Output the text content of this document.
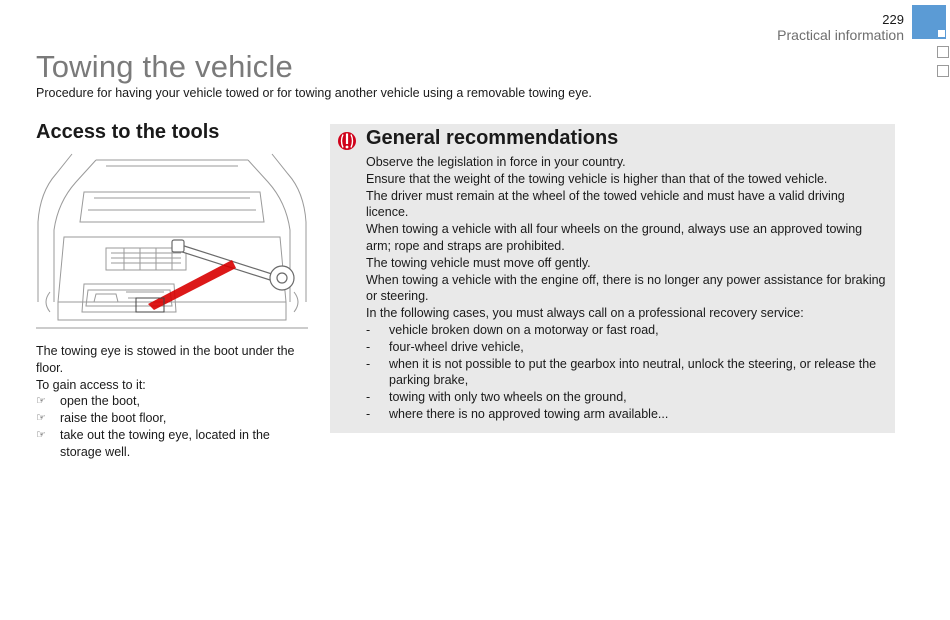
229
Practical information
Towing the vehicle
Procedure for having your vehicle towed or for towing another vehicle using a removable towing eye.
Access to the tools

The towing eye is stowed in the boot under the floor.

To gain access to it:

☞ open the boot,

☞ raise the boot floor,

☞ take out the towing eye, located in the storage well.

General recommendations

Observe the legislation in force in your country.

Ensure that the weight of the towing vehicle is higher than that of the towed vehicle.

The driver must remain at the wheel of the towed vehicle and must have a valid driving licence.

When towing a vehicle with all four wheels on the ground, always use an approved towing arm; rope and straps are prohibited.

The towing vehicle must move off gently.

When towing a vehicle with the engine off, there is no longer any power assistance for braking or steering.

In the following cases, you must always call on a professional recovery service:

- vehicle broken down on a motorway or fast road,

- four-wheel drive vehicle,

- when it is not possible to put the gearbox into neutral, unlock the steering, or release the parking brake,

- towing with only two wheels on the ground,

- where there is no approved towing arm available...
